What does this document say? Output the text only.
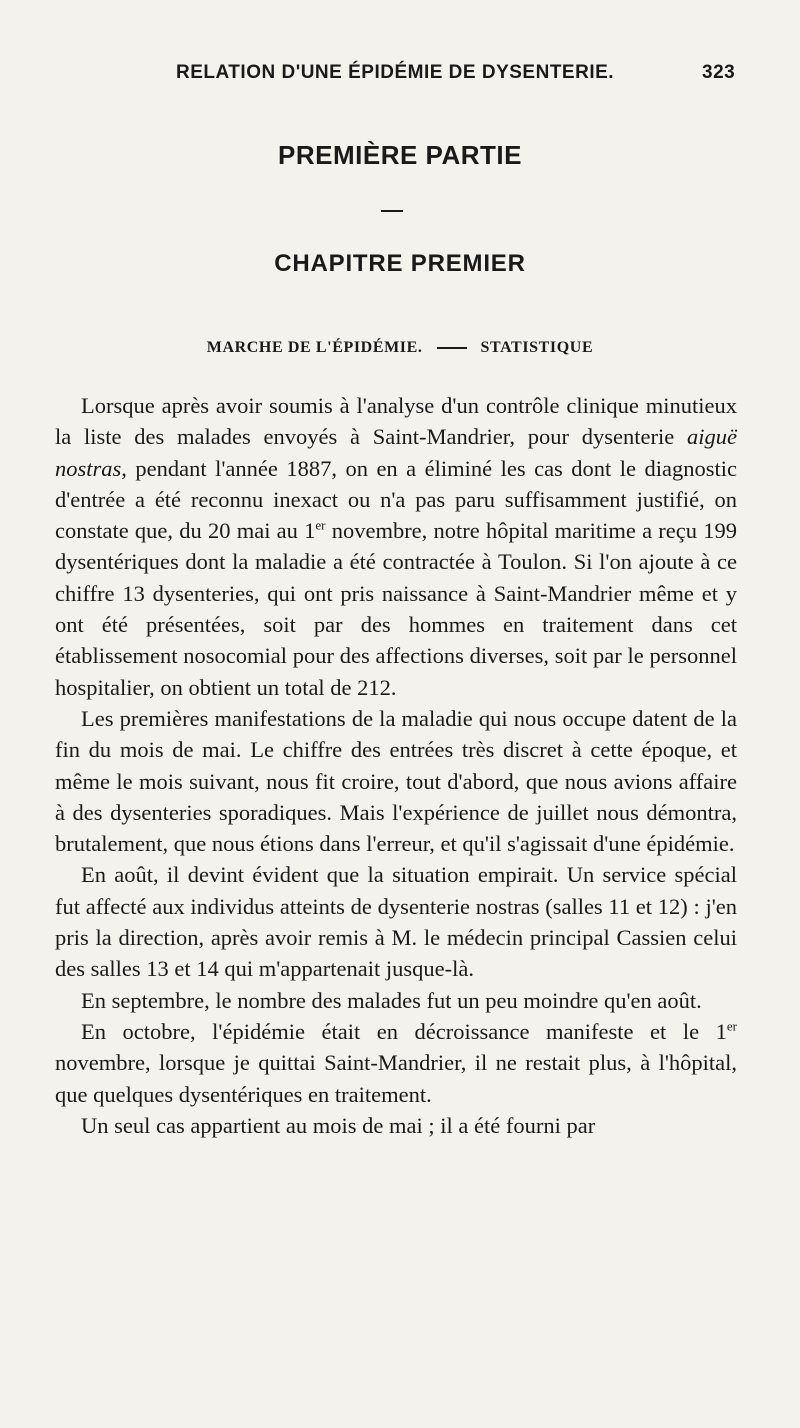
RELATION D'UNE ÉPIDÉMIE DE DYSENTERIE.	323
PREMIÈRE PARTIE
CHAPITRE PREMIER
MARCHE DE L'ÉPIDÉMIE.	STATISTIQUE

Lorsque après avoir soumis à l'analyse d'un contrôle clinique minutieux la liste des malades envoyés à Saint-Mandrier, pour dysenterie aiguë nostras, pendant l'année 1887, on en a éliminé les cas dont le diagnostic d'entrée a été reconnu inexact ou n'a pas paru suffisamment justifié, on constate que, du 20 mai au 1er novembre, notre hôpital maritime a reçu 199 dysentériques dont la maladie a été contractée à Toulon. Si l'on ajoute à ce chiffre 13 dysenteries, qui ont pris naissance à Saint-Mandrier même et y ont été présentées, soit par des hommes en traitement dans cet établissement nosocomial pour des affections diverses, soit par le personnel hospitalier, on obtient un total de 212.

Les premières manifestations de la maladie qui nous occupe datent de la fin du mois de mai. Le chiffre des entrées très discret à cette époque, et même le mois suivant, nous fit croire, tout d'abord, que nous avions affaire à des dysenteries sporadiques. Mais l'expérience de juillet nous démontra, brutalement, que nous étions dans l'erreur, et qu'il s'agissait d'une épidémie.

En août, il devint évident que la situation empirait. Un service spécial fut affecté aux individus atteints de dysenterie nostras (salles 11 et 12) : j'en pris la direction, après avoir remis à M. le médecin principal Cassien celui des salles 13 et 14 qui m'appartenait jusque-là.

En septembre, le nombre des malades fut un peu moindre qu'en août.

En octobre, l'épidémie était en décroissance manifeste et le 1er novembre, lorsque je quittai Saint-Mandrier, il ne restait plus, à l'hôpital, que quelques dysentériques en traitement.

Un seul cas appartient au mois de mai ; il a été fourni par
